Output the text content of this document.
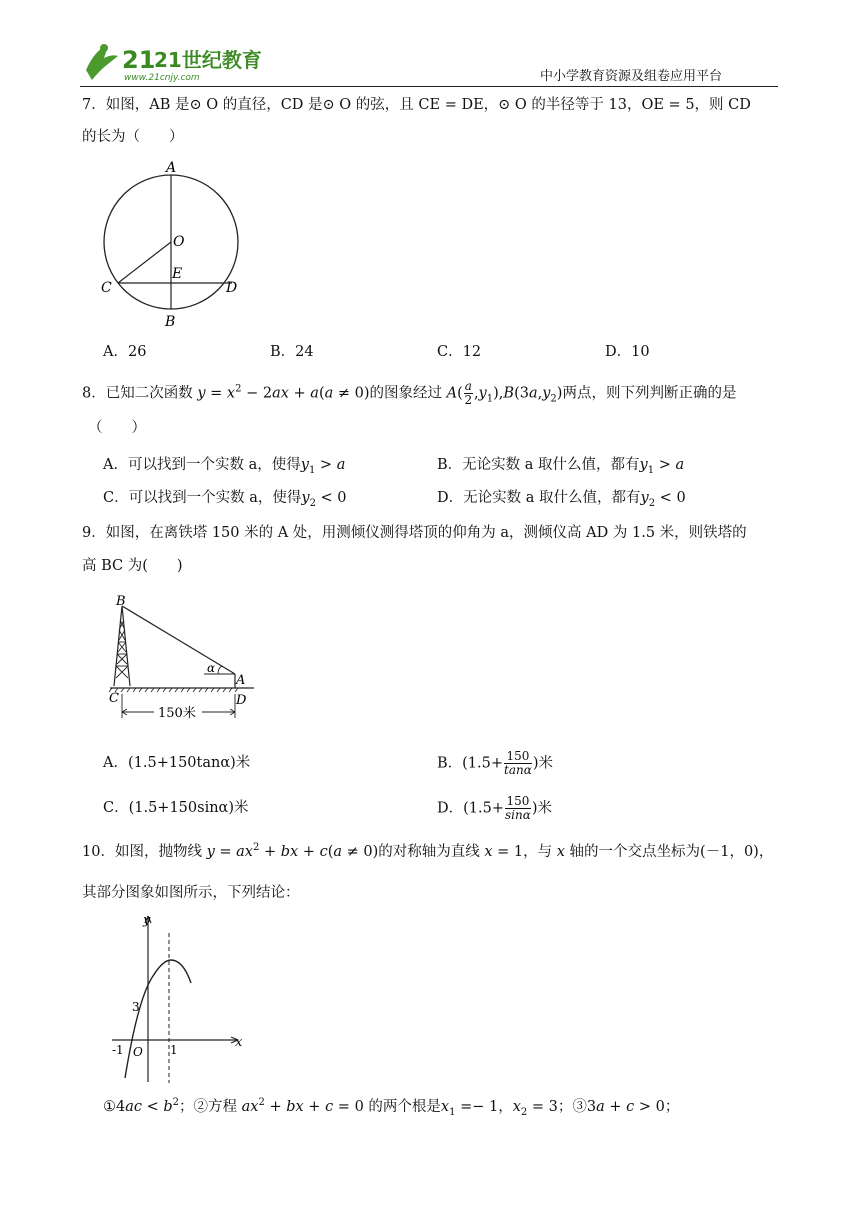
21
21世纪教育
www.21cnjy.com	中小学教育资源及组卷应用平台
7．如图，AB 是⊙ O 的直径，CD 是⊙ O 的弦，且 CE = DE，⊙ O 的半径等于 13，OE = 5，则 CD
的长为（　　）
A
O
E
C	D
B
A．26	B．24	C．12	D．10
8．已知二次函数 $y = x^2 - 2ax + a(a \ne 0)$的图象经过 $A( \frac{a}{2} ,y_1),B(3a,y_2)$两点，则下列判断正确的是
（　　）
A．可以找到一个实数 a，使得$y_1 > a$	B．无论实数 a 取什么值，都有$y_1 > a$
C．可以找到一个实数 a，使得$y_2 < 0$	D．无论实数 a 取什么值，都有$y_2 < 0$
9．如图，在离铁塔 150 米的 A 处，用测倾仪测得塔顶的仰角为 a，测倾仪高 AD 为 1.5 米，则铁塔的
高 BC 为(　　)
150米
B
A
C	D
α
A．(1.5+150tanα)米	B．($1.5+ \frac{150}{\tan\alpha}$ )米
C．(1.5+150sinα)米	D．($1.5+ \frac{150}{\sin\alpha}$ )米
10．如图，抛物线 $y = ax^2$ + bx + c(a ≠ 0)的对称轴为直线 x = 1，与 x 轴的一个交点坐标为(－1，0)，
其部分图象如图所示，下列结论：
y
x
3
-1 O 1
①4ac < $b^2$；②方程 $ax^2$ + bx + c = 0 的两个根是$x_1 =- 1$，$x_2 = 3$；③3a + c > 0；
